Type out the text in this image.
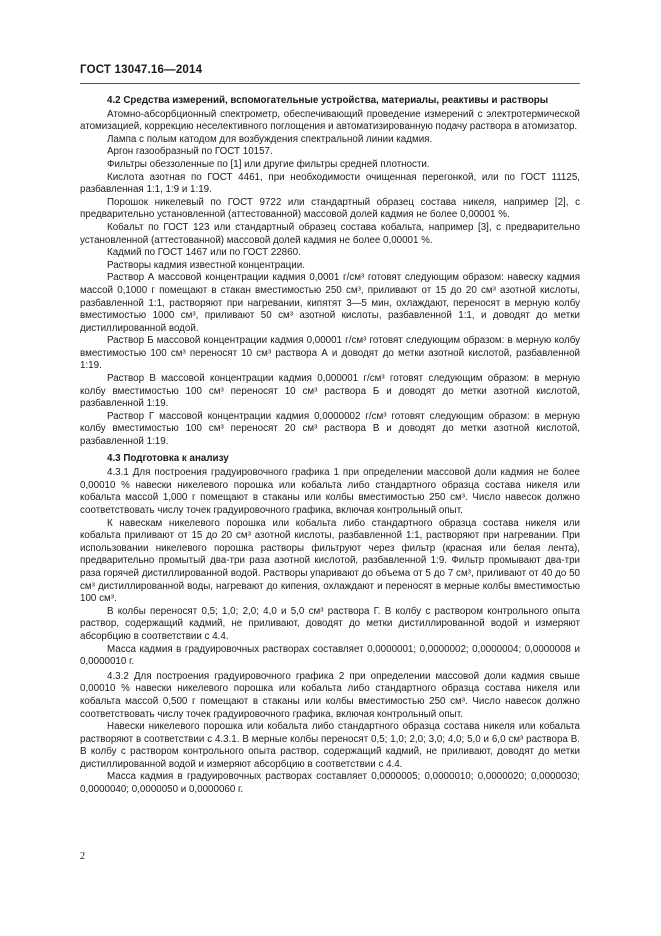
ГОСТ 13047.16—2014
4.2 Средства измерений, вспомогательные устройства, материалы, реактивы и растворы
Атомно-абсорбционный спектрометр, обеспечивающий проведение измерений с электротермической атомизацией, коррекцию неселективного поглощения и автоматизированную подачу раствора в атомизатор.
Лампа с полым катодом для возбуждения спектральной линии кадмия.
Аргон газообразный по ГОСТ 10157.
Фильтры обеззоленные по [1] или другие фильтры средней плотности.
Кислота азотная по ГОСТ 4461, при необходимости очищенная перегонкой, или по ГОСТ 11125, разбавленная 1:1, 1:9 и 1:19.
Порошок никелевый по ГОСТ 9722 или стандартный образец состава никеля, например [2], с предварительно установленной (аттестованной) массовой долей кадмия не более 0,00001 %.
Кобальт по ГОСТ 123 или стандартный образец состава кобальта, например [3], с предварительно установленной (аттестованной) массовой долей кадмия не более 0,00001 %.
Кадмий по ГОСТ 1467 или по ГОСТ 22860.
Растворы кадмия известной концентрации.
Раствор А массовой концентрации кадмия 0,0001 г/см³ готовят следующим образом: навеску кадмия массой 0,1000 г помещают в стакан вместимостью 250 см³, приливают от 15 до 20 см³ азотной кислоты, разбавленной 1:1, растворяют при нагревании, кипятят 3—5 мин, охлаждают, переносят в мерную колбу вместимостью 1000 см³, приливают 50 см³ азотной кислоты, разбавленной 1:1, и доводят до метки дистиллированной водой.
Раствор Б массовой концентрации кадмия 0,00001 г/см³ готовят следующим образом: в мерную колбу вместимостью 100 см³ переносят 10 см³ раствора А и доводят до метки азотной кислотой, разбавленной 1:19.
Раствор В массовой концентрации кадмия 0,000001 г/см³ готовят следующим образом: в мерную колбу вместимостью 100 см³ переносят 10 см³ раствора Б и доводят до метки азотной кислотой, разбавленной 1:19.
Раствор Г массовой концентрации кадмия 0,0000002 г/см³ готовят следующим образом: в мерную колбу вместимостью 100 см³ переносят 20 см³ раствора В и доводят до метки азотной кислотой, разбавленной 1:19.
4.3 Подготовка к анализу
4.3.1 Для построения градуировочного графика 1 при определении массовой доли кадмия не более 0,00010 % навески никелевого порошка или кобальта либо стандартного образца состава никеля или кобальта массой 1,000 г помещают в стаканы или колбы вместимостью 250 см³. Число навесок должно соответствовать числу точек градуировочного графика, включая контрольный опыт.
К навескам никелевого порошка или кобальта либо стандартного образца состава никеля или кобальта приливают от 15 до 20 см³ азотной кислоты, разбавленной 1:1, растворяют при нагревании. При использовании никелевого порошка растворы фильтруют через фильтр (красная или белая лента), предварительно промытый два-три раза азотной кислотой, разбавленной 1:9. Фильтр промывают два-три раза горячей дистиллированной водой. Растворы упаривают до объема от 5 до 7 см³, приливают от 40 до 50 см³ дистиллированной воды, нагревают до кипения, охлаждают и переносят в мерные колбы вместимостью 100 см³.
В колбы переносят 0,5; 1,0; 2,0; 4,0 и 5,0 см³ раствора Г. В колбу с раствором контрольного опыта раствор, содержащий кадмий, не приливают, доводят до метки дистиллированной водой и измеряют абсорбцию в соответствии с 4.4.
Масса кадмия в градуировочных растворах составляет 0,0000001; 0,0000002; 0,0000004; 0,0000008 и 0,0000010 г.
4.3.2 Для построения градуировочного графика 2 при определении массовой доли кадмия свыше 0,00010 % навески никелевого порошка или кобальта либо стандартного образца состава никеля или кобальта массой 0,500 г помещают в стаканы или колбы вместимостью 250 см³. Число навесок должно соответствовать числу точек градуировочного графика, включая контрольный опыт.
Навески никелевого порошка или кобальта либо стандартного образца состава никеля или кобальта растворяют в соответствии с 4.3.1. В мерные колбы переносят 0,5; 1,0; 2,0; 3,0; 4,0; 5,0 и 6,0 см³ раствора В. В колбу с раствором контрольного опыта раствор, содержащий кадмий, не приливают, доводят до метки дистиллированной водой и измеряют абсорбцию в соответствии с 4.4.
Масса кадмия в градуировочных растворах составляет 0,0000005; 0,0000010; 0,0000020; 0,0000030; 0,0000040; 0,0000050 и 0,0000060 г.
2
